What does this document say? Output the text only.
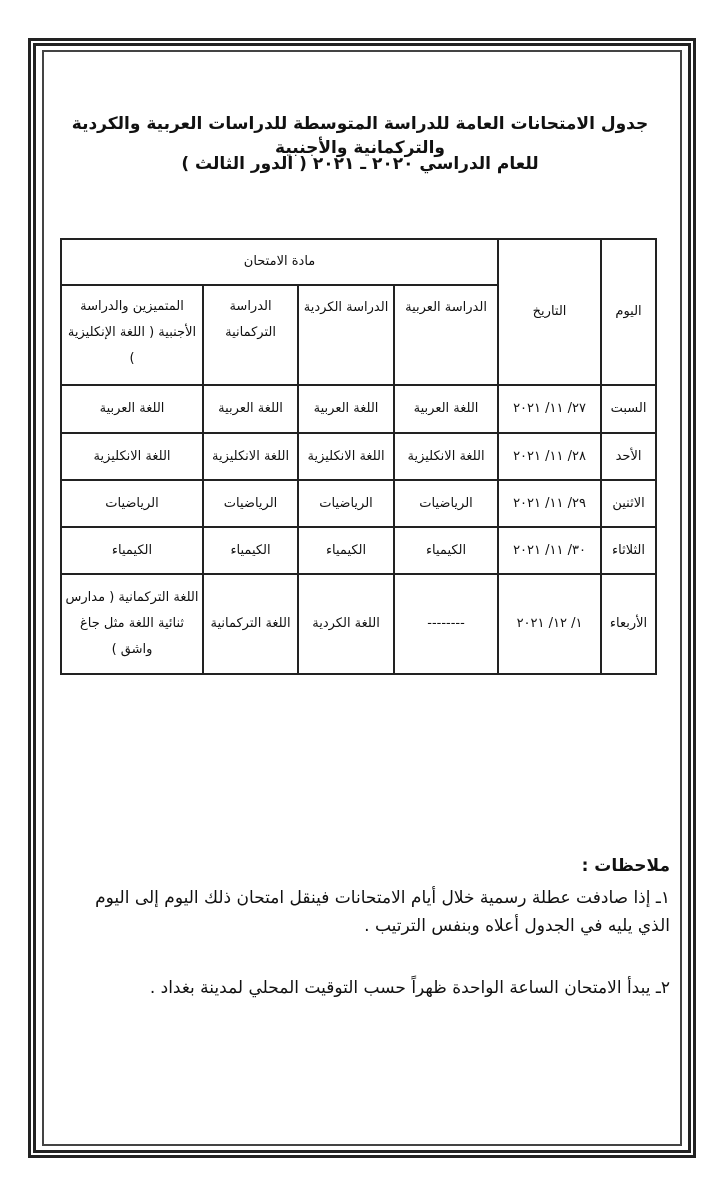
جدول الامتحانات العامة للدراسة المتوسطة للدراسات العربية والكردية والتركمانية والأجنبية
للعام الدراسي ٢٠٢٠ ـ ٢٠٢١ ( الدور الثالث )
اليوم	التاريخ	مادة الامتحان			
		الدراسة العربية	الدراسة الكردية	الدراسة التركمانية	المتميزين والدراسة الأجنبية ( اللغة الإنكليزية )
السبت	٢٧/ ١١/ ٢٠٢١	اللغة العربية	اللغة العربية	اللغة العربية	اللغة العربية
الأحد	٢٨/ ١١/ ٢٠٢١	اللغة الانكليزية	اللغة الانكليزية	اللغة الانكليزية	اللغة الانكليزية
الاثنين	٢٩/ ١١/ ٢٠٢١	الرياضيات	الرياضيات	الرياضيات	الرياضيات
الثلاثاء	٣٠/ ١١/ ٢٠٢١	الكيمياء	الكيمياء	الكيمياء	الكيمياء
الأربعاء	١/ ١٢/ ٢٠٢١	--------	اللغة الكردية	اللغة التركمانية	اللغة التركمانية ( مدارس ثنائية اللغة مثل جاغ واشق )
ملاحظات :
١ـ إذا صادفت عطلة رسمية خلال أيام الامتحانات فينقل امتحان ذلك اليوم إلى اليوم الذي يليه في الجدول أعلاه وبنفس الترتيب .
٢ـ يبدأ الامتحان الساعة الواحدة ظهراً حسب التوقيت المحلي لمدينة بغداد .
